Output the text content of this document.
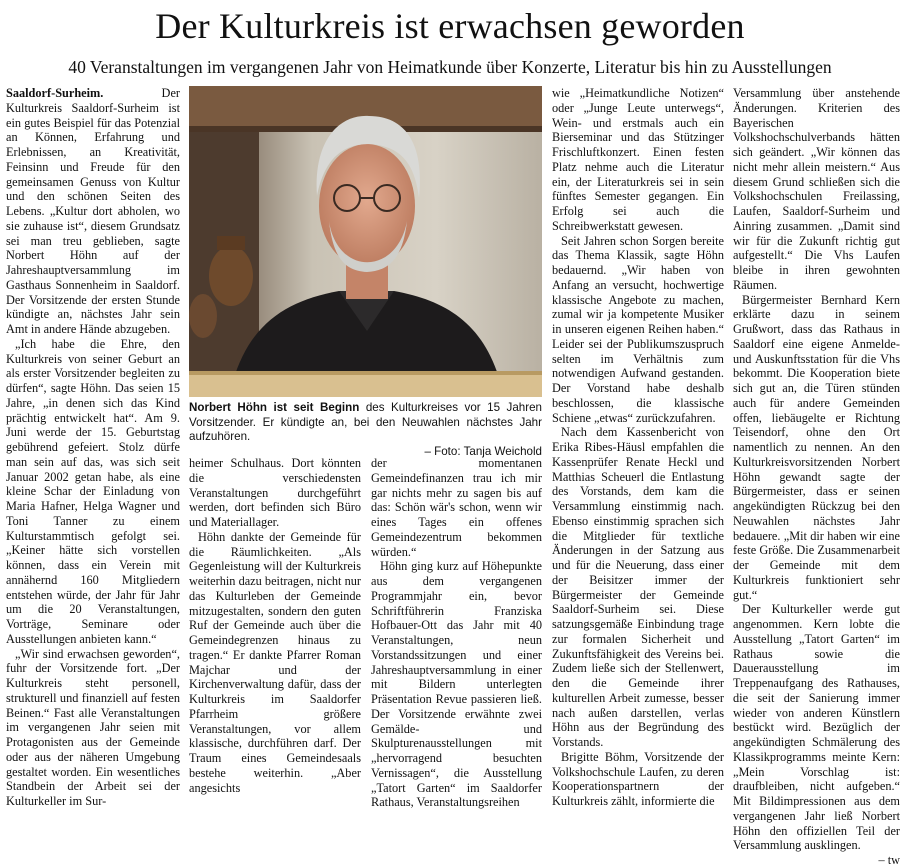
Der Kulturkreis ist erwachsen geworden
40 Veranstaltungen im vergangenen Jahr von Heimatkunde über Konzerte, Literatur bis hin zu Ausstellungen

Saaldorf-Surheim. Der Kulturkreis Saaldorf-Surheim ist ein gutes Beispiel für das Potenzial an Können, Erfahrung und Erlebnissen, an Kreativität, Feinsinn und Freude für den gemeinsamen Genuss von Kultur und den schönen Seiten des Lebens. „Kultur dort abholen, wo sie zuhause ist“, diesem Grundsatz sei man treu geblieben, sagte Norbert Höhn auf der Jahreshauptversammlung im Gasthaus Sonnenheim in Saaldorf. Der Vorsitzende der ersten Stunde kündigte an, nächstes Jahr sein Amt in andere Hände abzugeben.

„Ich habe die Ehre, den Kulturkreis von seiner Geburt an als erster Vorsitzender begleiten zu dürfen“, sagte Höhn. Das seien 15 Jahre, „in denen sich das Kind prächtig entwickelt hat“. Am 9. Juni werde der 15. Geburtstag gebührend gefeiert. Stolz dürfe man sein auf das, was sich seit Januar 2002 getan habe, als eine kleine Schar der Einladung von Maria Hafner, Helga Wagner und Toni Tanner zu einem Kulturstammtisch gefolgt sei. „Keiner hätte sich vorstellen können, dass ein Verein mit annähernd 160 Mitgliedern entstehen würde, der Jahr für Jahr um die 20 Veranstaltungen, Vorträge, Seminare oder Ausstellungen anbieten kann.“

„Wir sind erwachsen geworden“, fuhr der Vorsitzende fort. „Der Kulturkreis steht personell, strukturell und finanziell auf festen Beinen.“ Fast alle Veranstaltungen im vergangenen Jahr seien mit Protagonisten aus der Gemeinde oder aus der näheren Umgebung gestaltet worden. Ein wesentliches Standbein der Arbeit sei der Kulturkeller im Sur-

Norbert Höhn ist seit Beginn des Kulturkreises vor 15 Jahren Vorsitzender. Er kündigte an, bei den Neuwahlen nächstes Jahr aufzuhören.
– Foto: Tanja Weichold

heimer Schulhaus. Dort könnten die verschiedensten Veranstaltungen durchgeführt werden, dort befinden sich Büro und Materiallager.

Höhn dankte der Gemeinde für die Räumlichkeiten. „Als Gegenleistung will der Kulturkreis weiterhin dazu beitragen, nicht nur das Kulturleben der Gemeinde mitzugestalten, sondern den guten Ruf der Gemeinde auch über die Gemeindegrenzen hinaus zu tragen.“ Er dankte Pfarrer Roman Majchar und der Kirchenverwaltung dafür, dass der Kulturkreis im Saaldorfer Pfarrheim größere Veranstaltungen, vor allem klassische, durchführen darf. Der Traum eines Gemeindesaals bestehe weiterhin. „Aber angesichts

der momentanen Gemeindefinanzen trau ich mir gar nichts mehr zu sagen bis auf das: Schön wär's schon, wenn wir eines Tages ein offenes Gemeindezentrum bekommen würden.“

Höhn ging kurz auf Höhepunkte aus dem vergangenen Programmjahr ein, bevor Schriftführerin Franziska Hofbauer-Ott das Jahr mit 40 Veranstaltungen, neun Vorstandssitzungen und einer Jahreshauptversammlung in einer mit Bildern unterlegten Präsentation Revue passieren ließ. Der Vorsitzende erwähnte zwei Gemälde- und Skulpturenausstellungen mit „hervorragend besuchten Vernissagen“, die Ausstellung „Tatort Garten“ im Saaldorfer Rathaus, Veranstaltungsreihen

wie „Heimatkundliche Notizen“ oder „Junge Leute unterwegs“, Wein- und erstmals auch ein Bierseminar und das Stützinger Frischluftkonzert. Einen festen Platz nehme auch die Literatur ein, der Literaturkreis sei in sein fünftes Semester gegangen. Ein Erfolg sei auch die Schreibwerkstatt gewesen.

Seit Jahren schon Sorgen bereite das Thema Klassik, sagte Höhn bedauernd. „Wir haben von Anfang an versucht, hochwertige klassische Angebote zu machen, zumal wir ja kompetente Musiker in unseren eigenen Reihen haben.“ Leider sei der Publikumszuspruch selten im Verhältnis zum notwendigen Aufwand gestanden. Der Vorstand habe deshalb beschlossen, die klassische Schiene „etwas“ zurückzufahren.

Nach dem Kassenbericht von Erika Ribes-Häusl empfahlen die Kassenprüfer Renate Heckl und Matthias Scheuerl die Entlastung des Vorstands, dem kam die Versammlung einstimmig nach. Ebenso einstimmig sprachen sich die Mitglieder für textliche Änderungen in der Satzung aus und für die Neuerung, dass einer der Beisitzer immer der Bürgermeister der Gemeinde Saaldorf-Surheim sei. Diese satzungsgemäße Einbindung trage zur formalen Sicherheit und Zukunftsfähigkeit des Vereins bei. Zudem ließe sich der Stellenwert, den die Gemeinde ihrer kulturellen Arbeit zumesse, besser nach außen darstellen, verlas Höhn aus der Begründung des Vorstands.

Brigitte Böhm, Vorsitzende der Volkshochschule Laufen, zu deren Kooperationspartnern der Kulturkreis zählt, informierte die

Versammlung über anstehende Änderungen. Kriterien des Bayerischen Volkshochschulverbands hätten sich geändert. „Wir können das nicht mehr allein meistern.“ Aus diesem Grund schließen sich die Volkshochschulen Freilassing, Laufen, Saaldorf-Surheim und Ainring zusammen. „Damit sind wir für die Zukunft richtig gut aufgestellt.“ Die Vhs Laufen bleibe in ihren gewohnten Räumen.

Bürgermeister Bernhard Kern erklärte dazu in seinem Grußwort, dass das Rathaus in Saaldorf eine eigene Anmelde- und Auskunftsstation für die Vhs bekommt. Die Kooperation biete sich gut an, die Türen stünden auch für andere Gemeinden offen, liebäugelte er Richtung Teisendorf, ohne den Ort namentlich zu nennen. An den Kulturkreisvorsitzenden Norbert Höhn gewandt sagte der Bürgermeister, dass er seinen angekündigten Rückzug bei den Neuwahlen nächstes Jahr bedauere. „Mit dir haben wir eine feste Größe. Die Zusammenarbeit der Gemeinde mit dem Kulturkreis funktioniert sehr gut.“

Der Kulturkeller werde gut angenommen. Kern lobte die Ausstellung „Tatort Garten“ im Rathaus sowie die Dauerausstellung im Treppenaufgang des Rathauses, die seit der Sanierung immer wieder von anderen Künstlern bestückt wird. Bezüglich der angekündigten Schmälerung des Klassikprogramms meinte Kern: „Mein Vorschlag ist: draufbleiben, nicht aufgeben.“ Mit Bildimpressionen aus dem vergangenen Jahr ließ Norbert Höhn den offiziellen Teil der Versammlung ausklingen.

– tw
